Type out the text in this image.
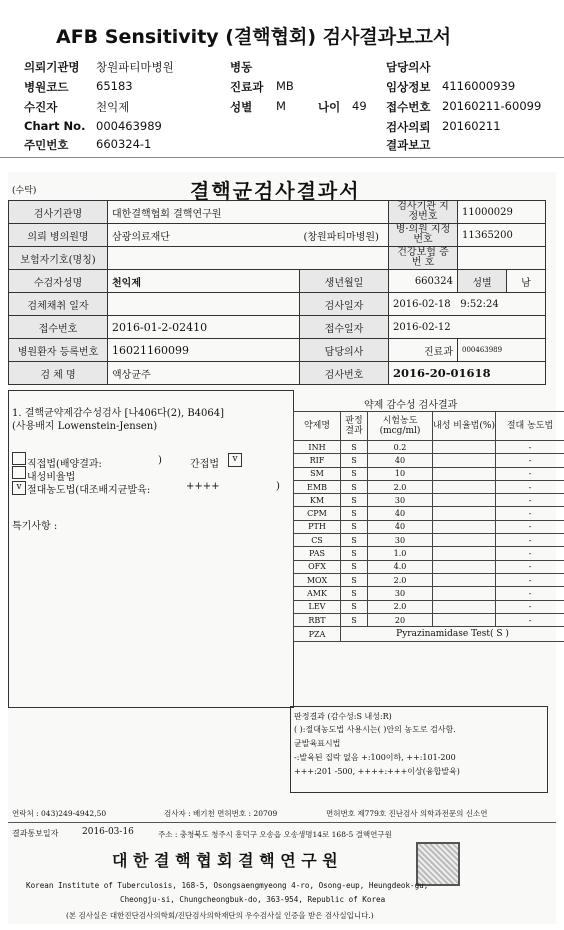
AFB Sensitivity (결핵협회) 검사결과보고서
의뢰기관명 창원파티마병원	병동	담당의사
병원코드 65183	진료과 MB	임상정보 4116000939
수진자	천익제	성별 M	나이 49 접수번호 20160211-60099
Chart No. 000463989	검사의뢰 20160211
주민번호 660324-1	결과보고
(수탁)	결핵균검사결과서
검사기관명	대한결핵협회 결핵연구원		검사기관 지정번호	11000029	
의뢰 병의원명	삼광의료재단	(창원파티마병원)	병·의원 지정번호	11365200	
보험자기호(명칭)			건강보험 증 번 호		
수검자성명	천익제	생년월일	660324	성별	남
검체채취 일자		검사일자	2016-02-18 9:52:24		
접수번호	2016-01-2-02410	접수일자	2016-02-12		
병원환자 등록번호	16021160099	담당의사	진료과	000463989	
검 체 명	액상균주	검사번호	2016-20-01618		
1. 결핵균약제감수성검사 [나406다(2), B4064]
(사용배지 Lowenstein-Jensen)
직접법(배양결과:	)	간접법	v
내성비율법
v 절대농도법(대조배지균발육:	++++	)
특기사항 :
약제 감수성 검사결과
약제명	판정결과	시험농도 (mcg/ml)	내성 비율법(%)	절대 농도법
INH	S	0.2		-
RIF	S	40		-
SM	S	10		-
EMB	S	2.0		-
KM	S	30		-
CPM	S	40		-
PTH	S	40		-
CS	S	30		-
PAS	S	1.0		-
OFX	S	4.0		-
MOX	S	2.0		-
AMK	S	30		-
LEV	S	2.0		-
RBT	S	20		-
PZA	Pyrazinamidase Test( S )			
판정결과 (감수성:S 내성:R)
( ):절대농도법 사용시는( )안의 농도로 검사함.
균발육표시법
-:발육된 집락 없음 +:100이하, ++:101-200
+++:201 -500, ++++:+++이상(융합발육)
연락처 : 043)249-4942,50	검사자 : 배기천 면허번호 : 20709	면허번호 제779호 진난검사 의학과전문의 신소연
결과통보일자	2016-03-16	주소 : 충청북도 청주시 흥덕구 오송읍 오송생명14로 168-5 결핵연구원
대 한 결 핵 협 회 결 핵 연 구 원
Korean Institute of Tuberculosis, 168-5, Osongsaengmyeong 4-ro, Osong-eup, Heungdeok-gu,
Cheongju-si, Chungcheongbuk-do, 363-954, Republic of Korea
(본 검사실은 대한진단검사의학회/진단검사의학재단의 우수검사실 인증을 받은 검사실입니다.)
